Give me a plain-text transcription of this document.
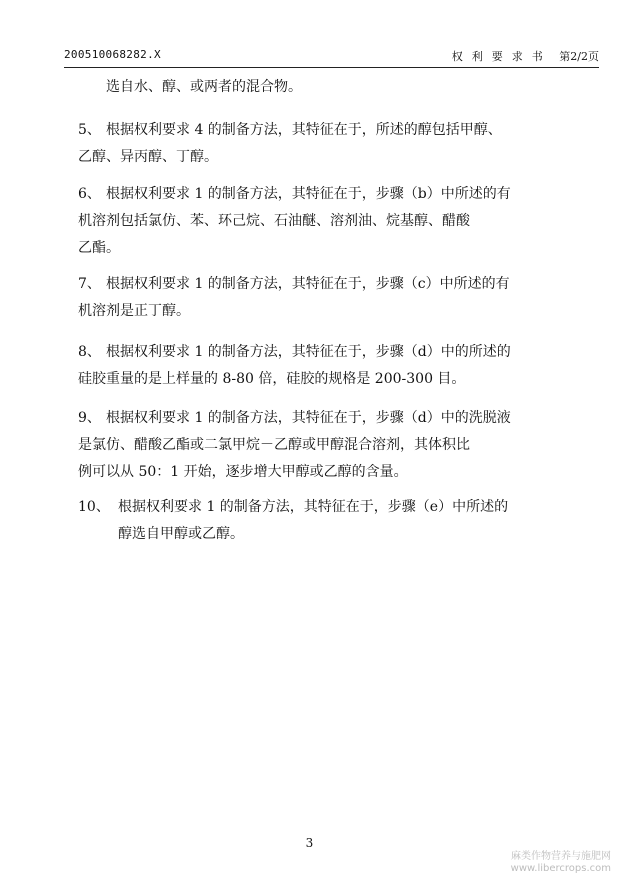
200510068282.X	权利要求书 第2/2页
选自水、醇、或两者的混合物。
5、 根据权利要求 4 的制备方法，其特征在于，所述的醇包括甲醇、
乙醇、异丙醇、丁醇。
6、 根据权利要求 1 的制备方法，其特征在于，步骤（b）中所述的有
机溶剂包括氯仿、苯、环己烷、石油醚、溶剂油、烷基醇、醋酸
乙酯。
7、 根据权利要求 1 的制备方法，其特征在于，步骤（c）中所述的有
机溶剂是正丁醇。
8、 根据权利要求 1 的制备方法，其特征在于，步骤（d）中的所述的
硅胶重量的是上样量的 8-80 倍，硅胶的规格是 200-300 目。
9、 根据权利要求 1 的制备方法，其特征在于，步骤（d）中的洗脱液
是氯仿、醋酸乙酯或二氯甲烷－乙醇或甲醇混合溶剂，其体积比
例可以从 50：1 开始，逐步增大甲醇或乙醇的含量。
10、 根据权利要求 1 的制备方法，其特征在于，步骤（e）中所述的
醇选自甲醇或乙醇。
3
麻类作物营养与施肥网
www.libercrops.com
